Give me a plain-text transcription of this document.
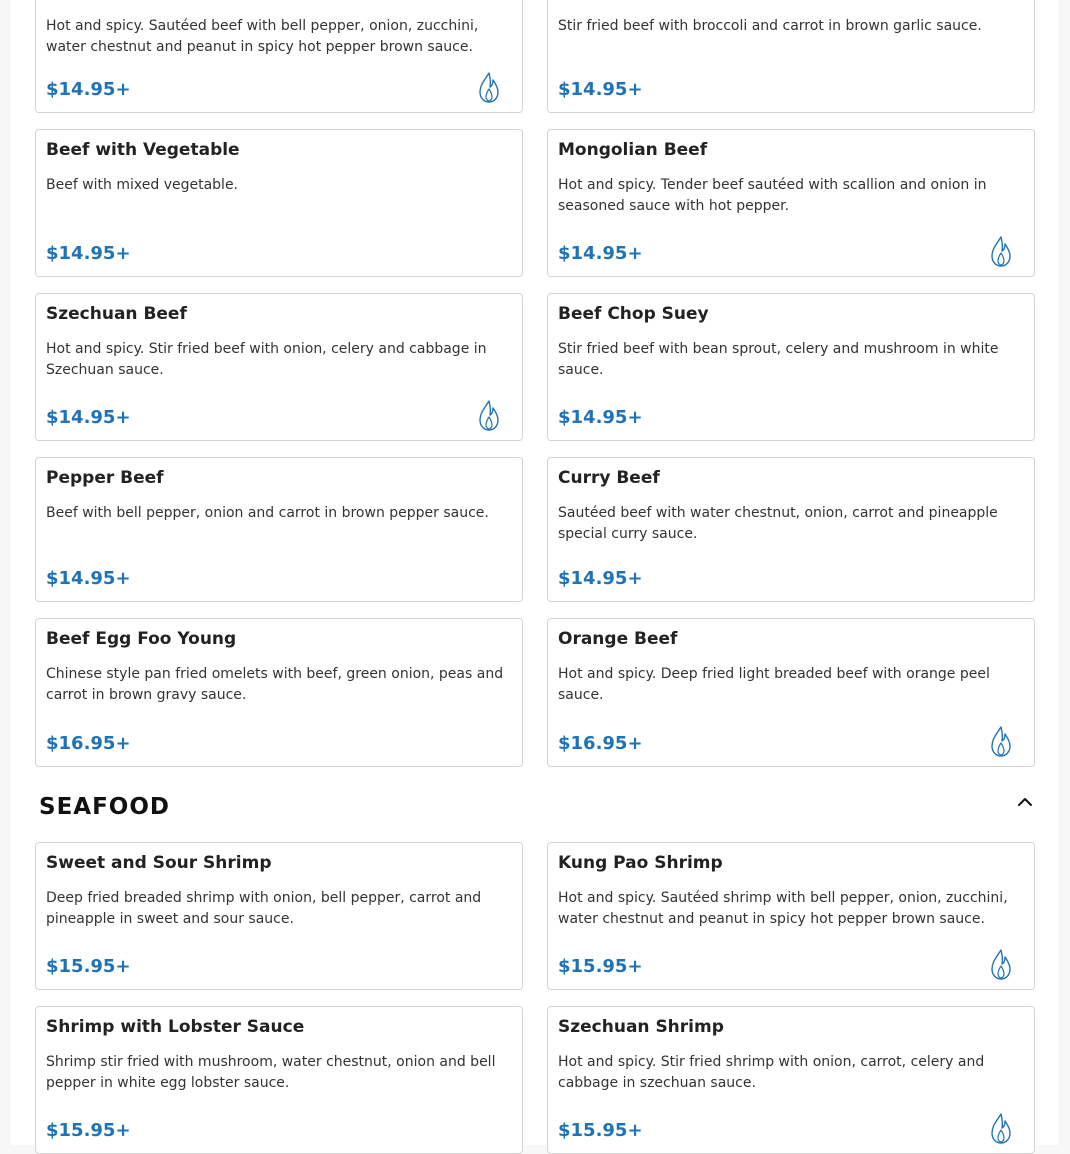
Hot and spicy. Sautéed beef with bell pepper, onion, zucchini, water chestnut and peanut in spicy hot pepper brown sauce.
$14.95+
Stir fried beef with broccoli and carrot in brown garlic sauce.
$14.95+
Beef with Vegetable
Beef with mixed vegetable.
$14.95+
Mongolian Beef
Hot and spicy. Tender beef sautéed with scallion and onion in seasoned sauce with hot pepper.
$14.95+
Szechuan Beef
Hot and spicy. Stir fried beef with onion, celery and cabbage in Szechuan sauce.
$14.95+
Beef Chop Suey
Stir fried beef with bean sprout, celery and mushroom in white sauce.
$14.95+
Pepper Beef
Beef with bell pepper, onion and carrot in brown pepper sauce.
$14.95+
Curry Beef
Sautéed beef with water chestnut, onion, carrot and pineapple special curry sauce.
$14.95+
Beef Egg Foo Young
Chinese style pan fried omelets with beef, green onion, peas and carrot in brown gravy sauce.
$16.95+
Orange Beef
Hot and spicy. Deep fried light breaded beef with orange peel sauce.
$16.95+
SEAFOOD
Sweet and Sour Shrimp
Deep fried breaded shrimp with onion, bell pepper, carrot and pineapple in sweet and sour sauce.
$15.95+
Kung Pao Shrimp
Hot and spicy. Sautéed shrimp with bell pepper, onion, zucchini, water chestnut and peanut in spicy hot pepper brown sauce.
$15.95+
Shrimp with Lobster Sauce
Shrimp stir fried with mushroom, water chestnut, onion and bell pepper in white egg lobster sauce.
$15.95+
Szechuan Shrimp
Hot and spicy. Stir fried shrimp with onion, carrot, celery and cabbage in szechuan sauce.
$15.95+
